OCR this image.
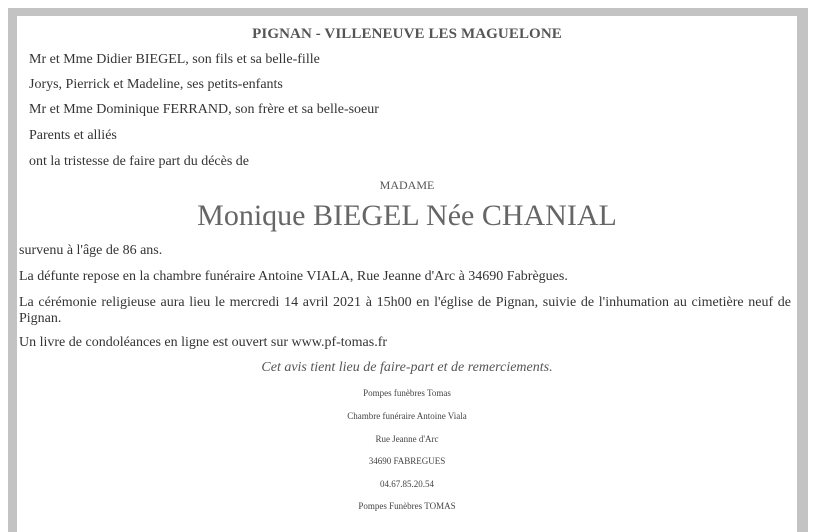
PIGNAN - VILLENEUVE LES MAGUELONE
Mr et Mme Didier BIEGEL, son fils et sa belle-fille
Jorys, Pierrick et Madeline, ses petits-enfants
Mr et Mme Dominique FERRAND, son frère et sa belle-soeur
Parents et alliés
ont la tristesse de faire part du décès de
MADAME
Monique BIEGEL Née CHANIAL
survenu à l'âge de 86 ans.
La défunte repose en la chambre funéraire Antoine VIALA, Rue Jeanne d'Arc à 34690 Fabrègues.
La cérémonie religieuse aura lieu le mercredi 14 avril 2021 à 15h00 en l'église de Pignan, suivie de l'inhumation au cimetière neuf de Pignan.
Un livre de condoléances en ligne est ouvert sur www.pf-tomas.fr
Cet avis tient lieu de faire-part et de remerciements.
Pompes funèbres Tomas
Chambre funéraire Antoine Viala
Rue Jeanne d'Arc
34690 FABREGUES
04.67.85.20.54
Pompes Funèbres TOMAS
